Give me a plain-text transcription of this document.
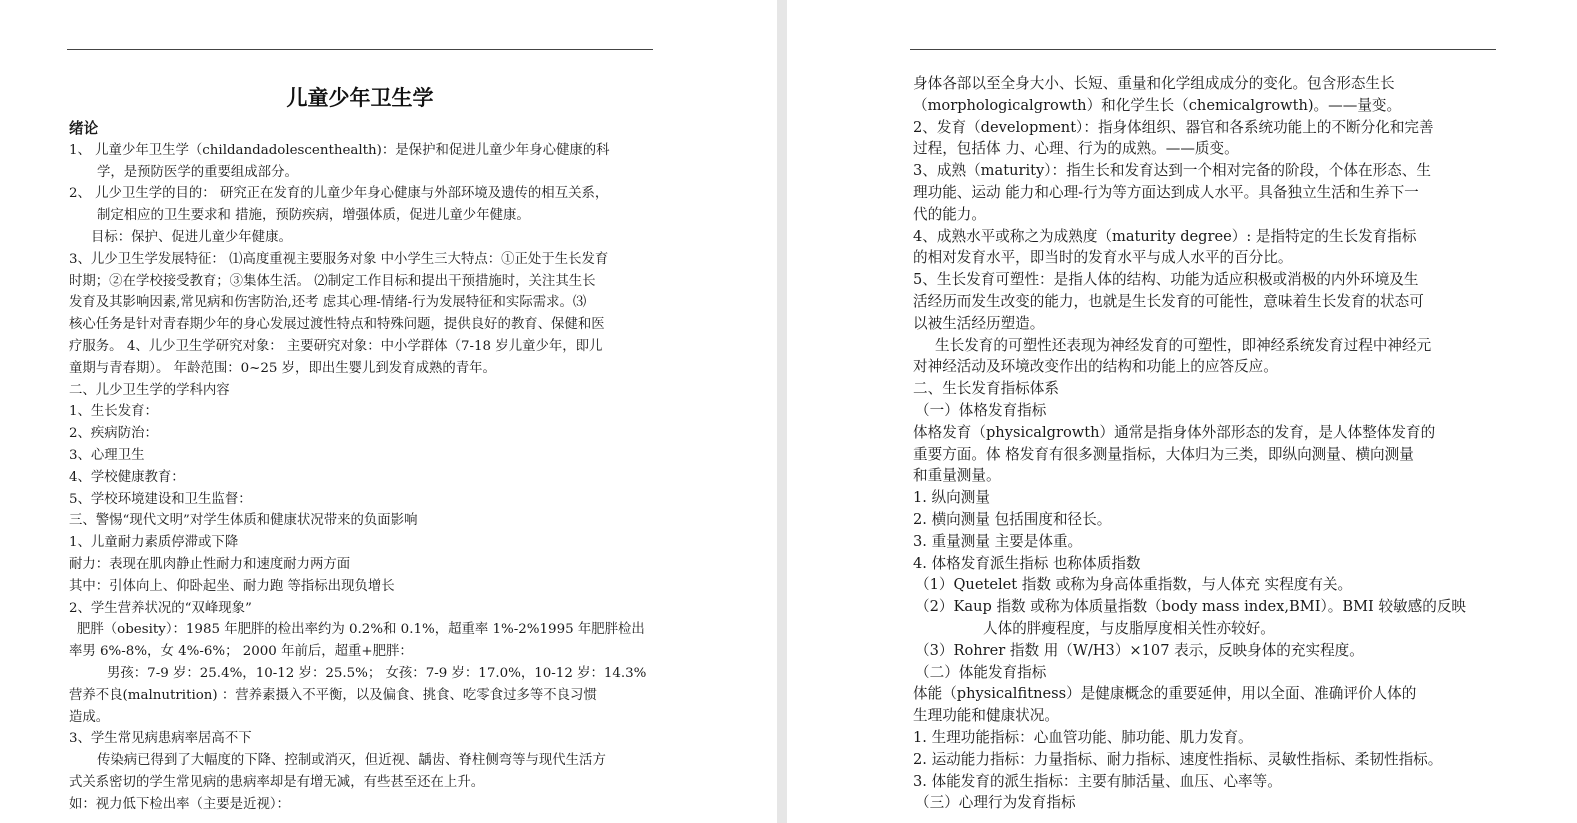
儿童少年卫生学
绪论
1、 儿童少年卫生学（childandadolescenthealth)：是保护和促进儿童少年身心健康的科
学，是预防医学的重要组成部分。
2、 儿少卫生学的目的： 研究正在发育的儿童少年身心健康与外部环境及遗传的相互关系，
制定相应的卫生要求和 措施，预防疾病，增强体质，促进儿童少年健康。
目标：保护、促进儿童少年健康。
3、儿少卫生学发展特征： ⑴高度重视主要服务对象 中小学生三大特点：①正处于生长发育
时期；②在学校接受教育；③集体生活。 ⑵制定工作目标和提出干预措施时，关注其生长
发育及其影响因素,常见病和伤害防治,还考 虑其心理-情绪-行为发展特征和实际需求。⑶
核心任务是针对青春期少年的身心发展过渡性特点和特殊问题，提供良好的教育、保健和医
疗服务。 4、儿少卫生学研究对象： 主要研究对象：中小学群体（7-18 岁儿童少年，即儿
童期与青春期）。 年龄范围：0~25 岁，即出生婴儿到发育成熟的青年。
二、儿少卫生学的学科内容
1、生长发育：
2、疾病防治：
3、心理卫生
4、学校健康教育：
5、学校环境建设和卫生监督：
三、警惕“现代文明”对学生体质和健康状况带来的负面影响
1、儿童耐力素质停滞或下降
耐力：表现在肌肉静止性耐力和速度耐力两方面
其中：引体向上、仰卧起坐、耐力跑 等指标出现负增长
2、学生营养状况的“双峰现象”
肥胖（obesity）：1985 年肥胖的检出率约为 0.2%和 0.1%，超重率 1%-2%1995 年肥胖检出
率男 6%-8%，女 4%-6%； 2000 年前后，超重+肥胖：
男孩：7-9 岁：25.4%，10-12 岁：25.5%； 女孩：7-9 岁：17.0%，10-12 岁：14.3%
营养不良(malnutrition) ：营养素摄入不平衡，以及偏食、挑食、吃零食过多等不良习惯
造成。
3、学生常见病患病率居高不下
传染病已得到了大幅度的下降、控制或消灭，但近视、龋齿、脊柱侧弯等与现代生活方
式关系密切的学生常见病的患病率却是有增无减，有些甚至还在上升。
如：视力低下检出率（主要是近视）：
身体各部以至全身大小、长短、重量和化学组成成分的变化。包含形态生长
（morphologicalgrowth）和化学生长（chemicalgrowth)。——量变。
2、发育（development）：指身体组织、器官和各系统功能上的不断分化和完善
过程，包括体 力、心理、行为的成熟。——质变。
3、成熟（maturity）：指生长和发育达到一个相对完备的阶段，个体在形态、生
理功能、运动 能力和心理-行为等方面达到成人水平。具备独立生活和生养下一
代的能力。
4、成熟水平或称之为成熟度（maturity degree）: 是指特定的生长发育指标
的相对发育水平，即当时的发育水平与成人水平的百分比。
5、生长发育可塑性：是指人体的结构、功能为适应积极或消极的内外环境及生
活经历而发生改变的能力，也就是生长发育的可能性，意味着生长发育的状态可
以被生活经历塑造。
生长发育的可塑性还表现为神经发育的可塑性，即神经系统发育过程中神经元
对神经活动及环境改变作出的结构和功能上的应答反应。
二、生长发育指标体系
（一）体格发育指标
体格发育（physicalgrowth）通常是指身体外部形态的发育，是人体整体发育的
重要方面。体 格发育有很多测量指标，大体归为三类，即纵向测量、横向测量
和重量测量。
1. 纵向测量
2. 横向测量 包括围度和径长。
3. 重量测量 主要是体重。
4. 体格发育派生指标 也称体质指数
（1）Quetelet 指数 或称为身高体重指数，与人体充 实程度有关。
（2）Kaup 指数 或称为体质量指数（body mass index,BMI）。BMI 较敏感的反映
人体的胖瘦程度，与皮脂厚度相关性亦较好。
（3）Rohrer 指数 用（W/H3）×107 表示，反映身体的充实程度。
（二）体能发育指标
体能（physicalfitness）是健康概念的重要延伸，用以全面、准确评价人体的
生理功能和健康状况。
1. 生理功能指标：心血管功能、肺功能、肌力发育。
2. 运动能力指标：力量指标、耐力指标、速度性指标、灵敏性指标、柔韧性指标。
3. 体能发育的派生指标：主要有肺活量、血压、心率等。
（三）心理行为发育指标
